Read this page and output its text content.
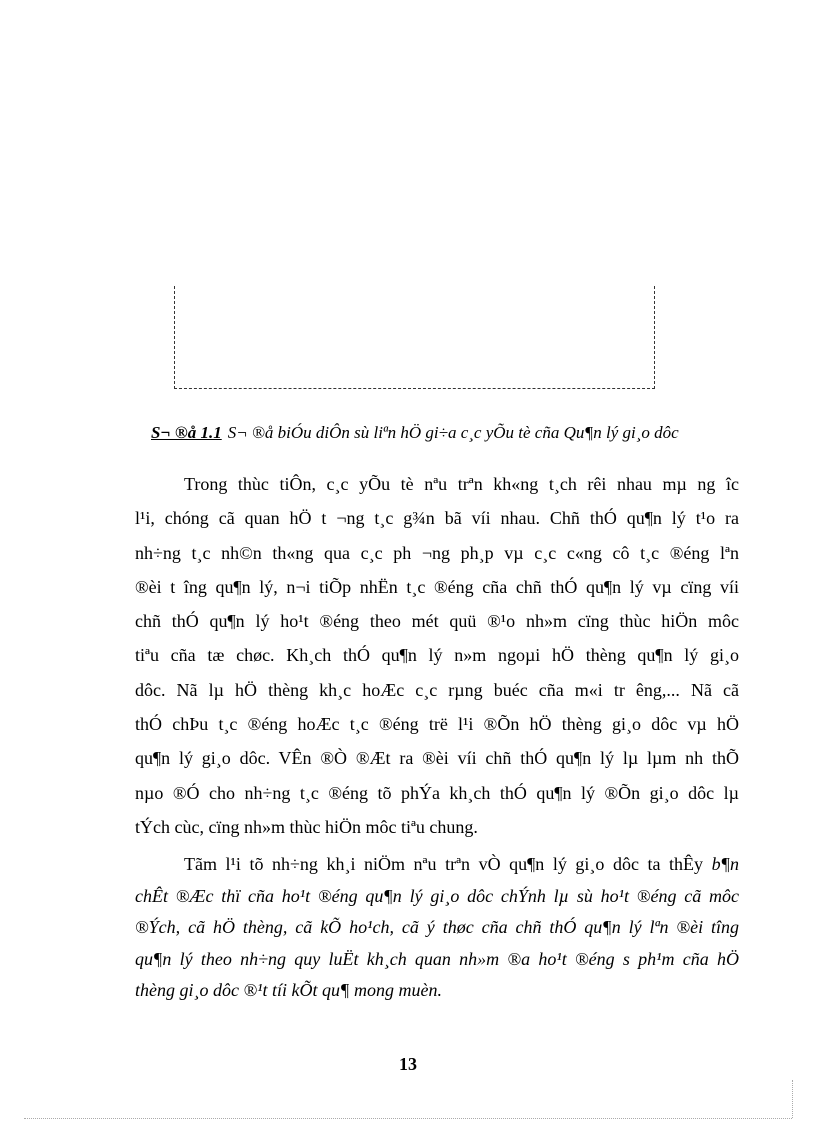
S¬ ®å 1.1 S¬ ®å biÓu diÔn sù liªn hÖ gi÷a c¸c yÕu tè cña Qu¶n lý gi¸o dôc
Trong thùc tiÔn, c¸c yÕu tè nªu trªn kh«ng t¸ch rêi nhau mµ ng îc
l¹i, chóng cã quan hÖ t ¬ng t¸c g¾n bã víi nhau. Chñ thÓ qu¶n lý t¹o ra
nh÷ng t¸c nh©n th«ng qua c¸c ph ¬ng ph¸p vµ c¸c c«ng cô t¸c ®éng lªn
®èi t îng qu¶n lý, n¬i tiÕp nhËn t¸c ®éng cña chñ thÓ qu¶n lý vµ cïng víi
chñ thÓ qu¶n lý ho¹t ®éng theo mét quü ®¹o nh»m cïng thùc hiÖn môc
tiªu cña tæ chøc. Kh¸ch thÓ qu¶n lý n»m ngoµi hÖ thèng qu¶n lý gi¸o
dôc. Nã lµ hÖ thèng kh¸c hoÆc c¸c rµng buéc cña m«i tr êng,... Nã cã
thÓ chÞu t¸c ®éng hoÆc t¸c ®éng trë l¹i ®Õn hÖ thèng gi¸o dôc vµ hÖ
qu¶n lý gi¸o dôc. VÊn ®Ò ®Æt ra ®èi víi chñ thÓ qu¶n lý lµ lµm nh thÕ
nµo ®Ó cho nh÷ng t¸c ®éng tõ phÝa kh¸ch thÓ qu¶n lý ®Õn gi¸o dôc lµ
tÝch cùc, cïng nh»m thùc hiÖn môc tiªu chung.
Tãm l¹i tõ nh÷ng kh¸i niÖm nªu trªn vÒ qu¶n lý gi¸o dôc ta thÊy b¶n
chÊt ®Æc thï cña ho¹t ®éng qu¶n lý gi¸o dôc chÝnh lµ sù ho¹t ®éng cã môc
®Ých, cã hÖ thèng, cã kÕ ho¹ch, cã ý thøc cña chñ thÓ qu¶n lý lªn ®èi tîng
qu¶n lý theo nh÷ng quy luËt kh¸ch quan nh»m ®a ho¹t ®éng s ph¹m cña hÖ
thèng gi¸o dôc ®¹t tíi kÕt qu¶ mong muèn.
13
